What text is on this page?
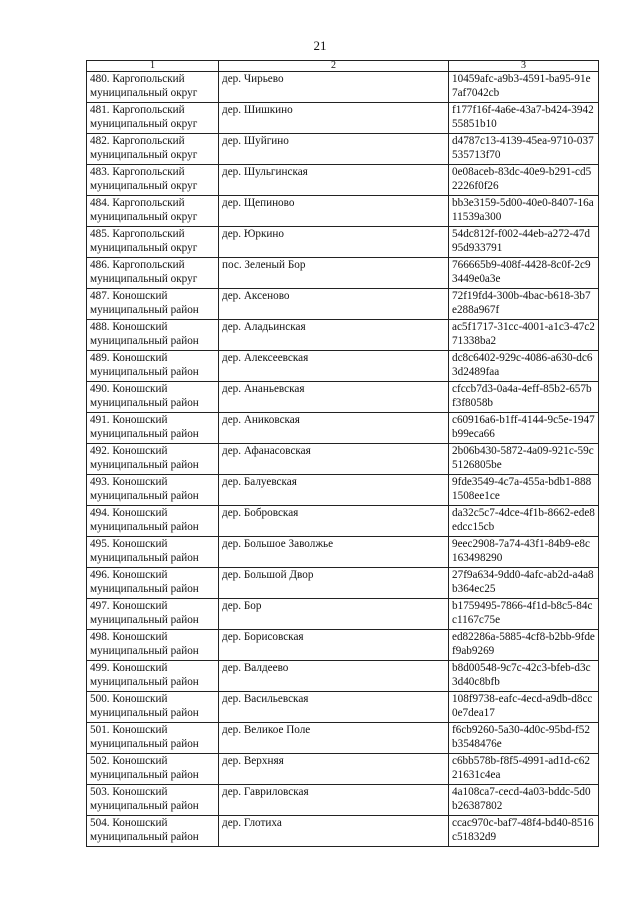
21
1	2	3
480. Каргопольский муниципальный округ	дер. Чирьево	10459afc-a9b3-4591-ba95-91e7af7042cb
481. Каргопольский муниципальный округ	дер. Шишкино	f177f16f-4a6e-43a7-b424-394255851b10
482. Каргопольский муниципальный округ	дер. Шуйгино	d4787c13-4139-45ea-9710-037535713f70
483. Каргопольский муниципальный округ	дер. Шульгинская	0e08aceb-83dc-40e9-b291-cd52226f0f26
484. Каргопольский муниципальный округ	дер. Щепиново	bb3e3159-5d00-40e0-8407-16a11539a300
485. Каргопольский муниципальный округ	дер. Юркино	54dc812f-f002-44eb-a272-47d95d933791
486. Каргопольский муниципальный округ	пос. Зеленый Бор	766665b9-408f-4428-8c0f-2c93449e0a3e
487. Коношский муниципальный район	дер. Аксеново	72f19fd4-300b-4bac-b618-3b7e288a967f
488. Коношский муниципальный район	дер. Аладьинская	ac5f1717-31cc-4001-a1c3-47c271338ba2
489. Коношский муниципальный район	дер. Алексеевская	dc8c6402-929c-4086-a630-dc63d2489faa
490. Коношский муниципальный район	дер. Ананьевская	cfccb7d3-0a4a-4eff-85b2-657bf3f8058b
491. Коношский муниципальный район	дер. Аниковская	c60916a6-b1ff-4144-9c5e-1947b99eca66
492. Коношский муниципальный район	дер. Афанасовская	2b06b430-5872-4a09-921c-59c5126805be
493. Коношский муниципальный район	дер. Балуевская	9fde3549-4c7a-455a-bdb1-8881508ee1ce
494. Коношский муниципальный район	дер. Бобровская	da32c5c7-4dce-4f1b-8662-ede8edcc15cb
495. Коношский муниципальный район	дер. Большое Заволжье	9eec2908-7a74-43f1-84b9-e8c163498290
496. Коношский муниципальный район	дер. Большой Двор	27f9a634-9dd0-4afc-ab2d-a4a8b364ec25
497. Коношский муниципальный район	дер. Бор	b1759495-7866-4f1d-b8c5-84cc1167c75e
498. Коношский муниципальный район	дер. Борисовская	ed82286a-5885-4cf8-b2bb-9fdef9ab9269
499. Коношский муниципальный район	дер. Валдеево	b8d00548-9c7c-42c3-bfeb-d3c3d40c8bfb
500. Коношский муниципальный район	дер. Васильевская	108f9738-eafc-4ecd-a9db-d8cc0e7dea17
501. Коношский муниципальный район	дер. Великое Поле	f6cb9260-5a30-4d0c-95bd-f52b3548476e
502. Коношский муниципальный район	дер. Верхняя	c6bb578b-f8f5-4991-ad1d-c6221631c4ea
503. Коношский муниципальный район	дер. Гавриловская	4a108ca7-cecd-4a03-bddc-5d0b26387802
504. Коношский муниципальный район	дер. Глотиха	ccac970c-baf7-48f4-bd40-8516c51832d9
